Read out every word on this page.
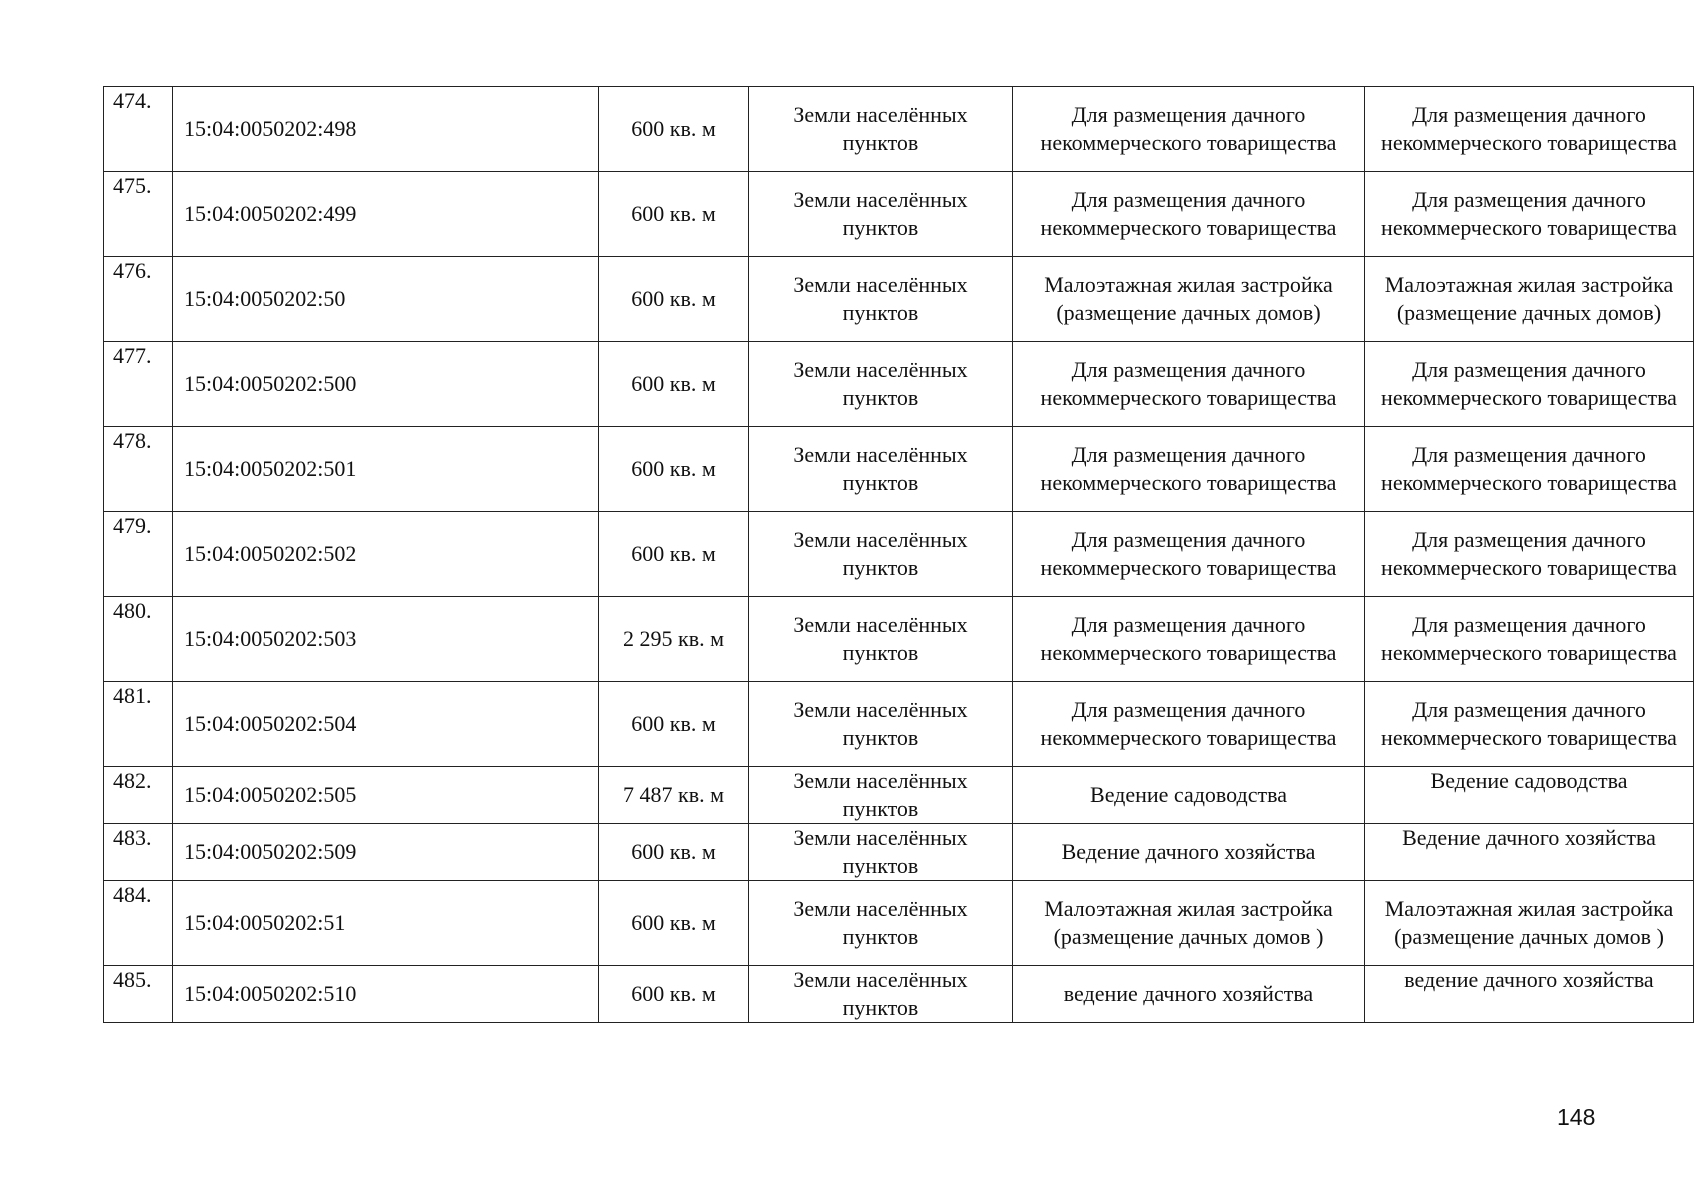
474.	15:04:0050202:498	600 кв. м	Земли населённых пунктов	Для размещения дачного некоммерческого товарищества	Для размещения дачного некоммерческого товарищества
475.	15:04:0050202:499	600 кв. м	Земли населённых пунктов	Для размещения дачного некоммерческого товарищества	Для размещения дачного некоммерческого товарищества
476.	15:04:0050202:50	600 кв. м	Земли населённых пунктов	Малоэтажная жилая застройка (размещение дачных домов)	Малоэтажная жилая застройка (размещение дачных домов)
477.	15:04:0050202:500	600 кв. м	Земли населённых пунктов	Для размещения дачного некоммерческого товарищества	Для размещения дачного некоммерческого товарищества
478.	15:04:0050202:501	600 кв. м	Земли населённых пунктов	Для размещения дачного некоммерческого товарищества	Для размещения дачного некоммерческого товарищества
479.	15:04:0050202:502	600 кв. м	Земли населённых пунктов	Для размещения дачного некоммерческого товарищества	Для размещения дачного некоммерческого товарищества
480.	15:04:0050202:503	2 295 кв. м	Земли населённых пунктов	Для размещения дачного некоммерческого товарищества	Для размещения дачного некоммерческого товарищества
481.	15:04:0050202:504	600 кв. м	Земли населённых пунктов	Для размещения дачного некоммерческого товарищества	Для размещения дачного некоммерческого товарищества
482.	15:04:0050202:505	7 487 кв. м	Земли населённых пунктов	Ведение садоводства	Ведение садоводства
483.	15:04:0050202:509	600 кв. м	Земли населённых пунктов	Ведение дачного хозяйства	Ведение дачного хозяйства
484.	15:04:0050202:51	600 кв. м	Земли населённых пунктов	Малоэтажная жилая застройка (размещение дачных домов )	Малоэтажная жилая застройка (размещение дачных домов )
485.	15:04:0050202:510	600 кв. м	Земли населённых пунктов	ведение дачного хозяйства	ведение дачного хозяйства
148
